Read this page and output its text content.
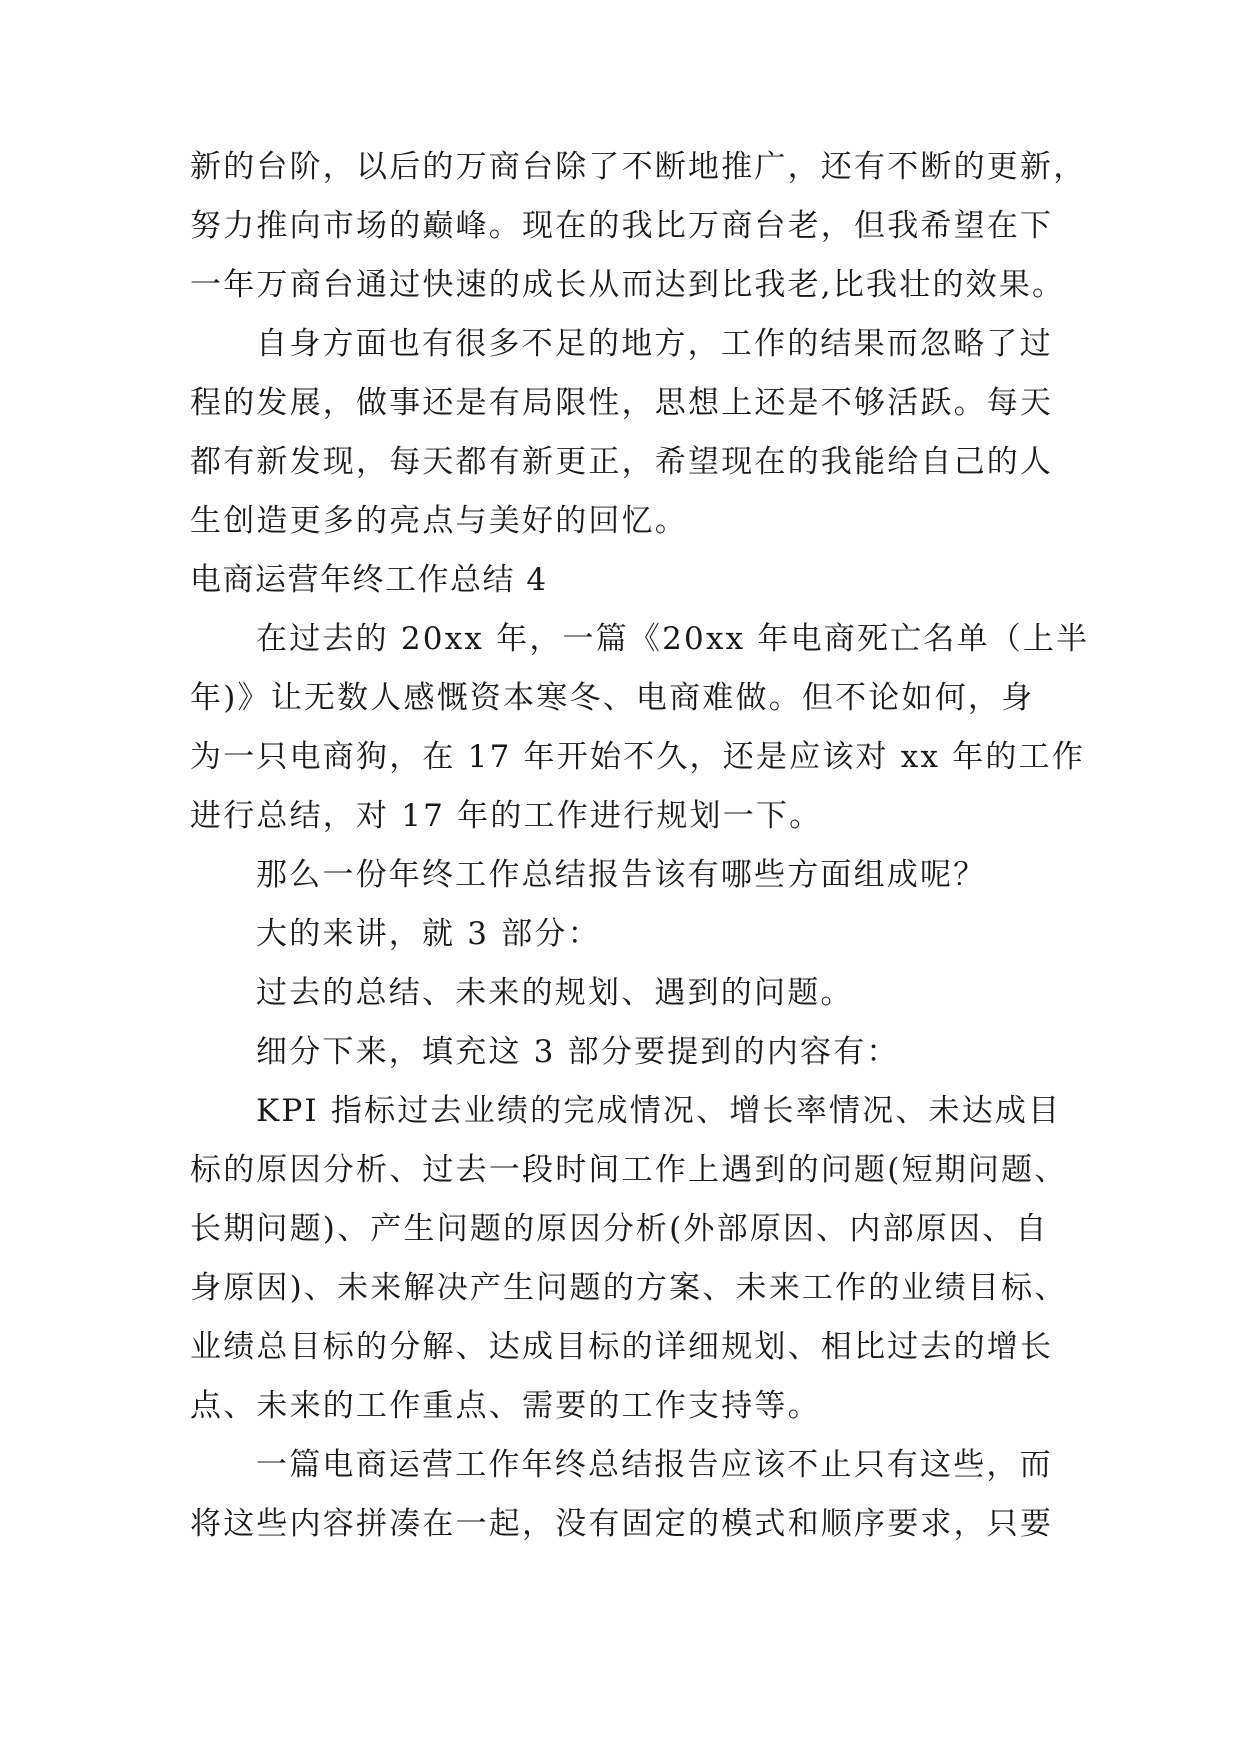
新的台阶，以后的万商台除了不断地推广，还有不断的更新，
努力推向市场的巅峰。现在的我比万商台老，但我希望在下
一年万商台通过快速的成长从而达到比我老,比我壮的效果。
自身方面也有很多不足的地方，工作的结果而忽略了过
程的发展，做事还是有局限性，思想上还是不够活跃。每天
都有新发现，每天都有新更正，希望现在的我能给自己的人
生创造更多的亮点与美好的回忆。
电商运营年终工作总结 4
在过去的 20xx 年，一篇《20xx 年电商死亡名单（上半
年)》让无数人感慨资本寒冬、电商难做。但不论如何，身
为一只电商狗，在 17 年开始不久，还是应该对 xx 年的工作
进行总结，对 17 年的工作进行规划一下。
那么一份年终工作总结报告该有哪些方面组成呢？
大的来讲，就 3 部分：
过去的总结、未来的规划、遇到的问题。
细分下来，填充这 3 部分要提到的内容有：
KPI 指标过去业绩的完成情况、增长率情况、未达成目
标的原因分析、过去一段时间工作上遇到的问题(短期问题、
长期问题)、产生问题的原因分析(外部原因、内部原因、自
身原因)、未来解决产生问题的方案、未来工作的业绩目标、
业绩总目标的分解、达成目标的详细规划、相比过去的增长
点、未来的工作重点、需要的工作支持等。
一篇电商运营工作年终总结报告应该不止只有这些，而
将这些内容拼凑在一起，没有固定的模式和顺序要求，只要
